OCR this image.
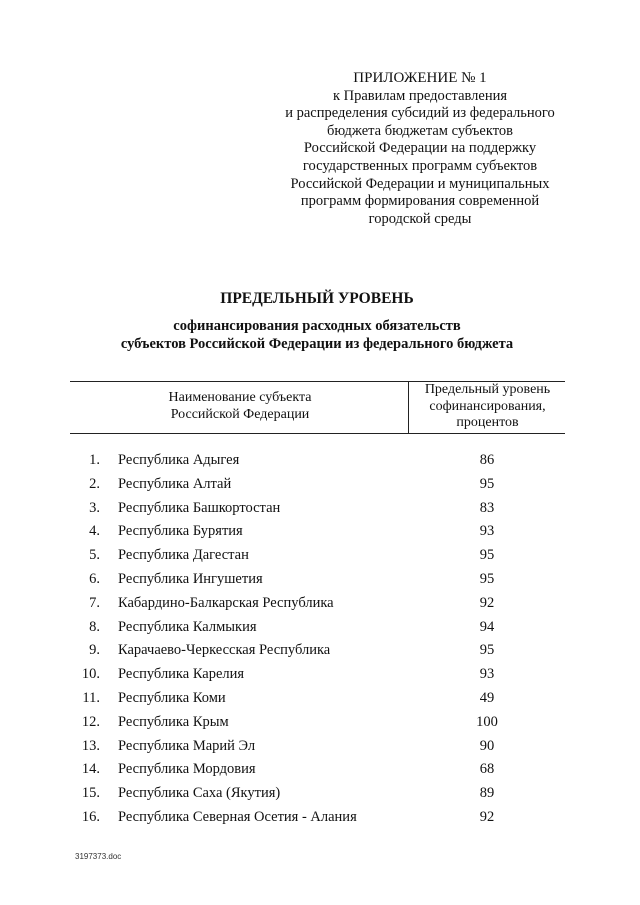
ПРИЛОЖЕНИЕ № 1
к Правилам предоставления
и распределения субсидий из федерального
бюджета бюджетам субъектов
Российской Федерации на поддержку
государственных программ субъектов
Российской Федерации и муниципальных
программ формирования современной
городской среды
ПРЕДЕЛЬНЫЙ УРОВЕНЬ
софинансирования расходных обязательств
субъектов Российской Федерации из федерального бюджета
Наименование субъекта
Российской Федерации
Предельный уровень
софинансирования,
процентов
1. Республика Адыгея	86
2. Республика Алтай	95
3. Республика Башкортостан	83
4. Республика Бурятия	93
5. Республика Дагестан	95
6. Республика Ингушетия	95
7. Кабардино-Балкарская Республика	92
8. Республика Калмыкия	94
9. Карачаево-Черкесская Республика	95
10. Республика Карелия	93
11. Республика Коми	49
12. Республика Крым	100
13. Республика Марий Эл	90
14. Республика Мордовия	68
15. Республика Саха (Якутия)	89
16. Республика Северная Осетия - Алания	92
3197373.doc
